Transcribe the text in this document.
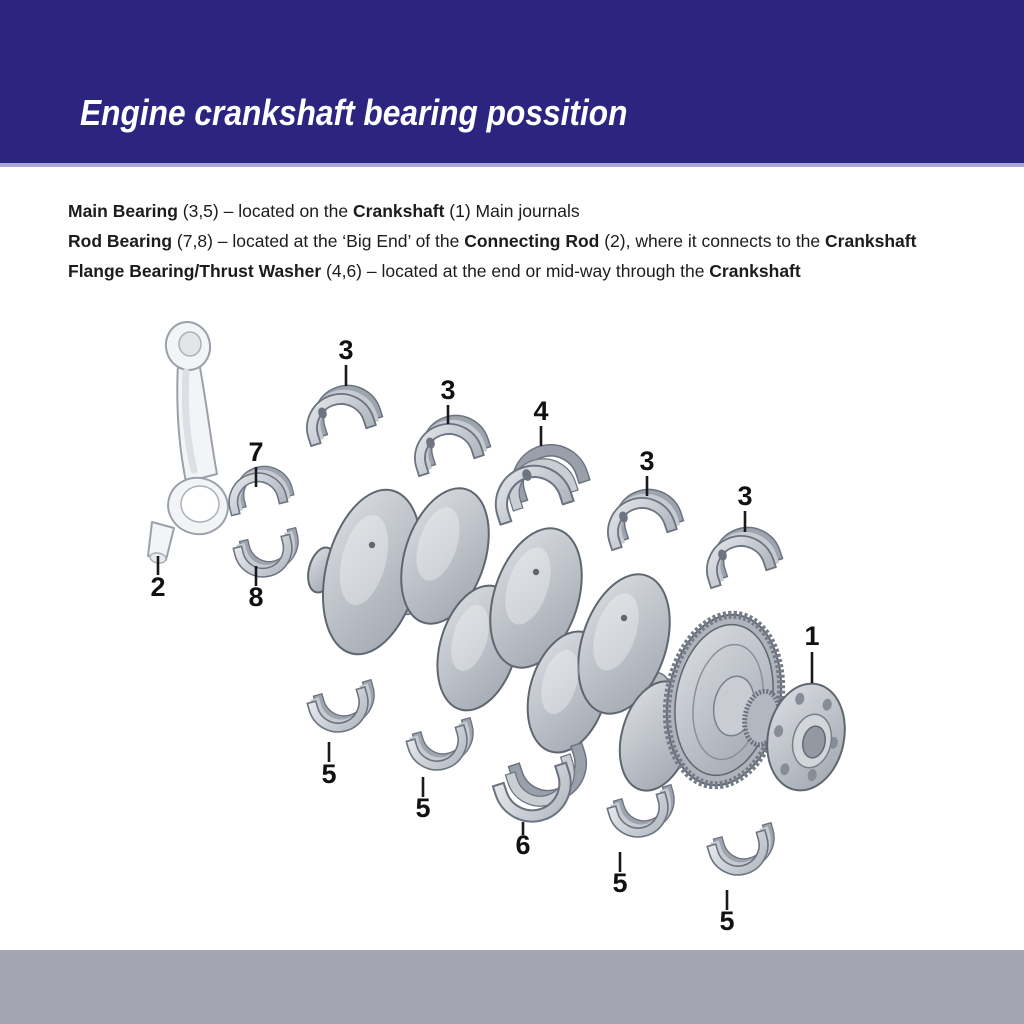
Engine crankshaft bearing possition
Main Bearing (3,5) – located on the Crankshaft (1) Main journals
Rod Bearing (7,8) – located at the ‘Big End’ of the Connecting Rod (2), where it connects to the Crankshaft
Flange Bearing/Thrust Washer (4,6) – located at the end or mid-way through the Crankshaft
1
2
3
3
4
3
3
7
8
5
5
6
5
5
